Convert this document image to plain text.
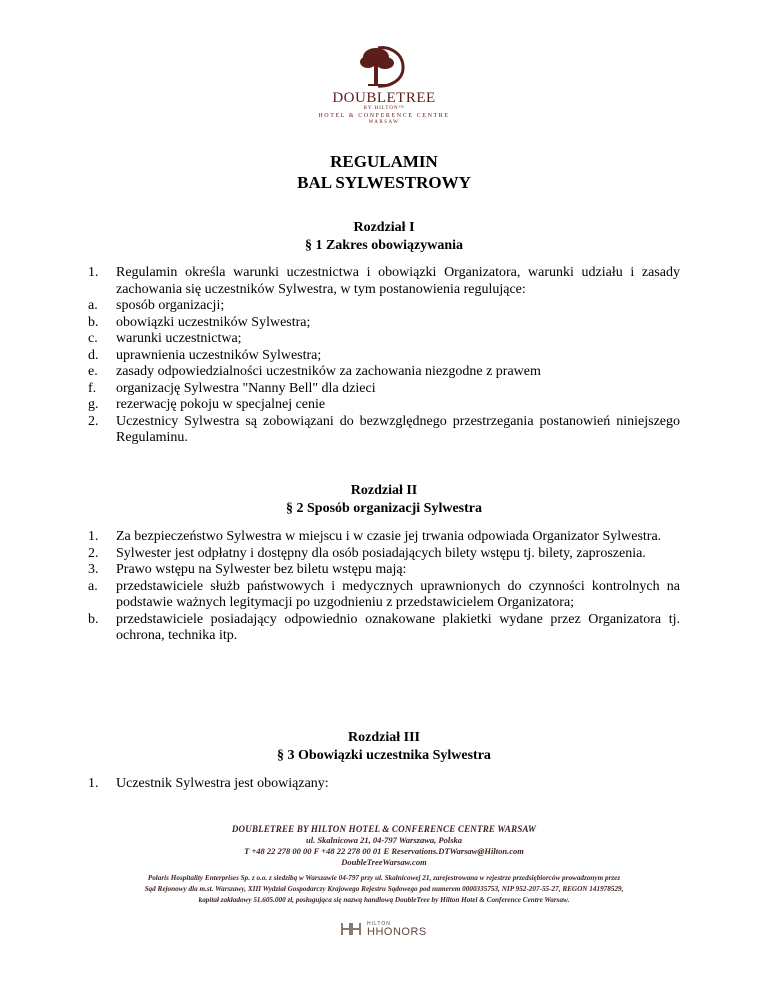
DOUBLETREE
BY HILTON™
HOTEL & CONFERENCE CENTRE
WARSAW
REGULAMIN
BAL SYLWESTROWY
Rozdział I
§ 1 Zakres obowiązywania
1. Regulamin określa warunki uczestnictwa i obowiązki Organizatora, warunki udziału i zasady zachowania się uczestników Sylwestra, w tym postanowienia regulujące:
a. sposób organizacji;
b. obowiązki uczestników Sylwestra;
c. warunki uczestnictwa;
d. uprawnienia uczestników Sylwestra;
e. zasady odpowiedzialności uczestników za zachowania niezgodne z prawem
f. organizację Sylwestra "Nanny Bell" dla dzieci
g. rezerwację pokoju w specjalnej cenie
2. Uczestnicy Sylwestra są zobowiązani do bezwzględnego przestrzegania postanowień niniejszego Regulaminu.
Rozdział II
§ 2 Sposób organizacji Sylwestra
1. Za bezpieczeństwo Sylwestra w miejscu i w czasie jej trwania odpowiada Organizator Sylwestra.
2. Sylwester jest odpłatny i dostępny dla osób posiadających bilety wstępu tj. bilety, zaproszenia.
3. Prawo wstępu na Sylwester bez biletu wstępu mają:
a. przedstawiciele służb państwowych i medycznych uprawnionych do czynności kontrolnych na podstawie ważnych legitymacji po uzgodnieniu z przedstawicielem Organizatora;
b. przedstawiciele posiadający odpowiednio oznakowane plakietki wydane przez Organizatora tj. ochrona, technika itp.
Rozdział III
§ 3 Obowiązki uczestnika Sylwestra
1. Uczestnik Sylwestra jest obowiązany:
DOUBLETREE BY HILTON HOTEL & CONFERENCE CENTRE WARSAW
ul. Skalnicowa 21, 04-797 Warszawa, Polska
T +48 22 278 00 00 F +48 22 278 00 01 E Reservations.DTWarsaw@Hilton.com
DoubleTreeWarsaw.com
Polaris Hospitality Enterprises Sp. z o.o. z siedzibą w Warszawie 04-797 przy ul. Skalnicowej 21, zarejestrowana w rejestrze przedsiębiorców prowadzonym przez
Sąd Rejonowy dla m.st. Warszawy, XIII Wydział Gospodarczy Krajowego Rejestru Sądowego pod numerem 0000335753, NIP 952-207-55-27, REGON 141978529,
kapitał zakładowy 51.605.000 zł, posługująca się nazwą handlową DoubleTree by Hilton Hotel & Conference Centre Warsaw.
HILTON
HHONORS
